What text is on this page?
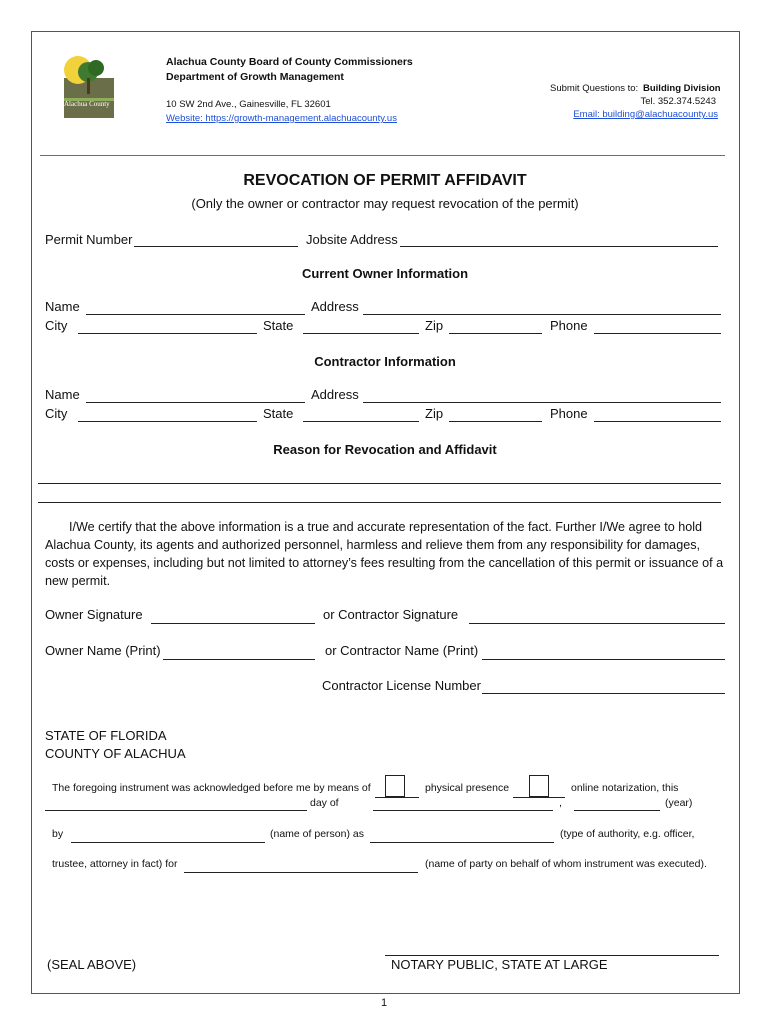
Alachua County
Alachua County Board of County Commissioners
Department of Growth Management
10 SW 2nd Ave., Gainesville, FL 32601
Website: https://growth-management.alachuacounty.us
Submit Questions to: Building Division
Tel. 352.374.5243
Email: building@alachuacounty.us
REVOCATION OF PERMIT AFFIDAVIT
(Only the owner or contractor may request revocation of the permit)
Permit Number	Jobsite Address
Current Owner Information
Name	Address
City	State	Zip	Phone
Contractor Information
Name	Address
City	State	Zip	Phone
Reason for Revocation and Affidavit
I/We certify that the above information is a true and accurate representation of the fact. Further I/We agree to hold Alachua County, its agents and authorized personnel, harmless and relieve them from any responsibility for damages, costs or expenses, including but not limited to attorney’s fees resulting from the cancellation of this permit or issuance of a new permit.
Owner Signature	or Contractor Signature
Owner Name (Print)	or Contractor Name (Print)
Contractor License Number
STATE OF FLORIDA
COUNTY OF ALACHUA
The foregoing instrument was acknowledged before me by means of	physical presence	online notarization, this
day of	,	(year)
by	(name of person) as	(type of authority, e.g. officer,
trustee, attorney in fact) for	(name of party on behalf of whom instrument was executed).
(SEAL ABOVE)	NOTARY PUBLIC, STATE AT LARGE
1
